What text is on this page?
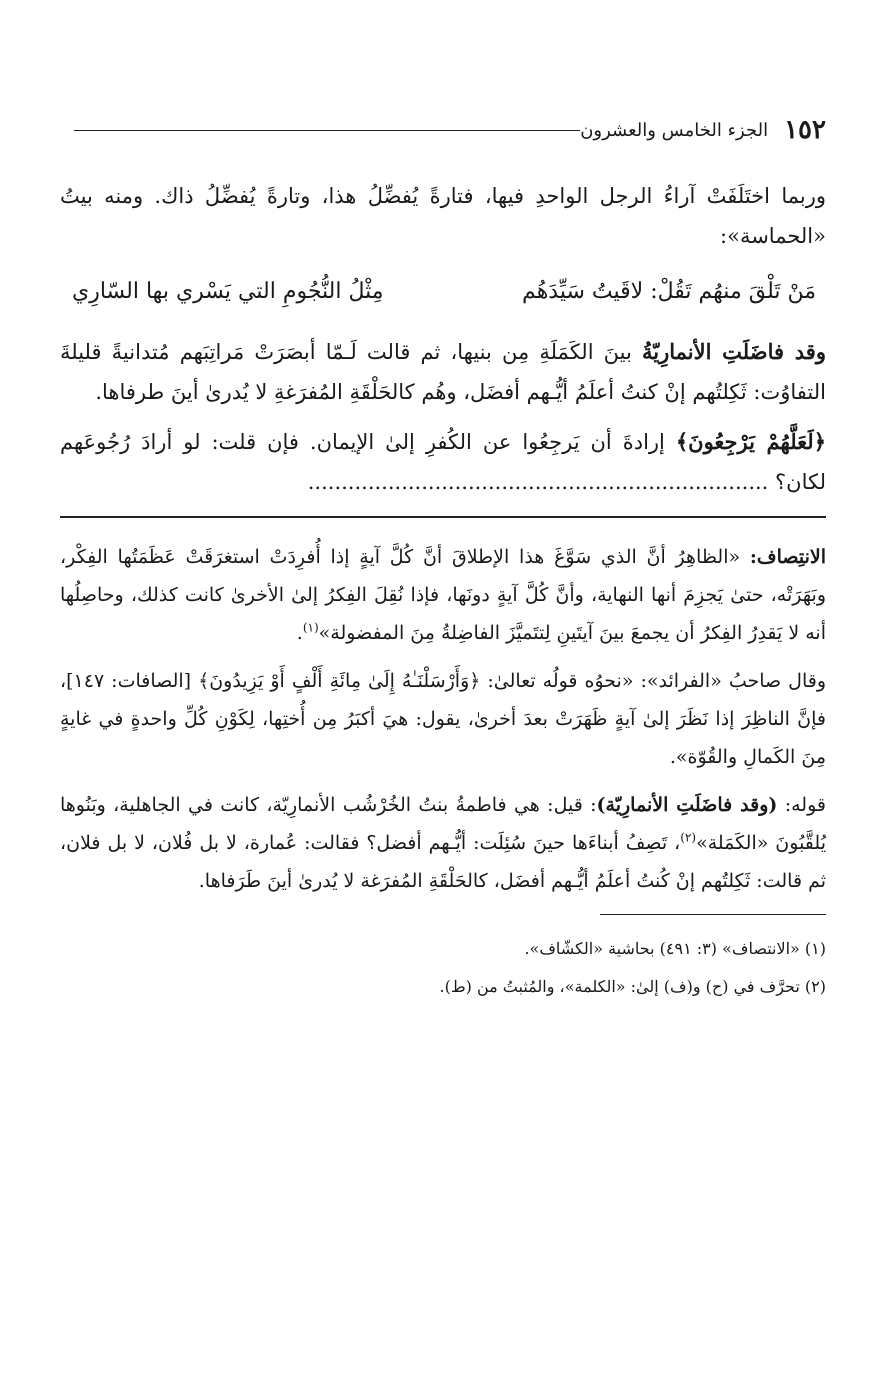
١٥٢
الجزء الخامس والعشرون

وربما اختَلَفَتْ آراءُ الرجل الواحدِ فيها، فتارةً يُفضِّلُ هذا، وتارةً يُفضِّلُ ذاك. ومنه بيتُ «الحماسة»:

مَنْ تَلْقَ منهُم تَقُلْ: لاقَيتُ سَيِّدَهُم
مِثْلُ النُّجُومِ التي يَسْري بها السّارِي

وقد فاضَلَتِ الأنمارِيّةُ بينَ الكَمَلَةِ مِن بنيها، ثم قالت لَـمّا أبصَرَتْ مَراتِبَهم مُتدانيةً قليلةَ التفاوُت: ثَكِلتُهم إنْ كنتُ أعلَمُ أيُّـهم أفضَل، وهُم كالحَلْقَةِ المُفرَغةِ لا يُدرىٰ أينَ طرفاها.

﴿لَعَلَّهُمْ يَرْجِعُونَ﴾ إرادةَ أن يَرجِعُوا عن الكُفرِ إلىٰ الإيمان. فإن قلت: لو أرادَ رُجُوعَهم لكان؟ .....................................................................

الانتِصاف: «الظاهِرُ أنَّ الذي سَوَّغَ هذا الإطلاقَ أنَّ كُلَّ آيةٍ إذا أُفرِدَتْ استغرَقَتْ عَظَمَتُها الفِكْر، وبَهَرَتْه، حتىٰ يَجزِمَ أنها النهاية، وأنَّ كُلَّ آيةٍ دونَها، فإذا نُقِلَ الفِكرُ إلىٰ الأخرىٰ كانت كذلك، وحاصِلُها أنه لا يَقدِرُ الفِكرُ أن يجمعَ بينَ آيتَينِ لِتتَميَّزَ الفاضِلةُ مِنَ المفضولة»$^{(١)}$.

وقال صاحبُ «الفرائد»: «نحوُه قولُه تعالىٰ: ﴿وَأَرْسَلْنَـٰهُ إِلَىٰ مِائَةِ أَلْفٍ أَوْ يَزِيدُونَ﴾ [الصافات: ١٤٧]، فإنَّ الناظِرَ إذا نَظَرَ إلىٰ آيةٍ ظَهَرَتْ بعدَ أخرىٰ، يقول: هيَ أكبَرُ مِن أُختِها، لِكَوْنِ كُلِّ واحدةٍ في غايةٍ مِنَ الكَمالِ والقُوّة».

قوله: (وقد فاضَلَتِ الأنمارِيّة): قيل: هي فاطمةُ بنتُ الخُرْشُب الأنمارِيّة، كانت في الجاهلية، وبَنُوها يُلقَّبُونَ «الكَمَلة»$^{(٢)}$، تَصِفُ أبناءَها حينَ سُئِلَت: أيُّـهم أفضل؟ فقالت: عُمارة، لا بل فُلان، لا بل فلان، ثم قالت: ثَكِلتُهم إنْ كُنتُ أعلَمُ أيُّـهم أفضَل، كالحَلْقَةِ المُفرَغة لا يُدرىٰ أينَ طَرَفاها.

(١) «الانتصاف» (٣: ٤٩١) بحاشية «الكشّاف».

(٢) تحرَّف في (ح) و(ف) إلىٰ: «الكلمة»، والمُثبتُ من (ط).
